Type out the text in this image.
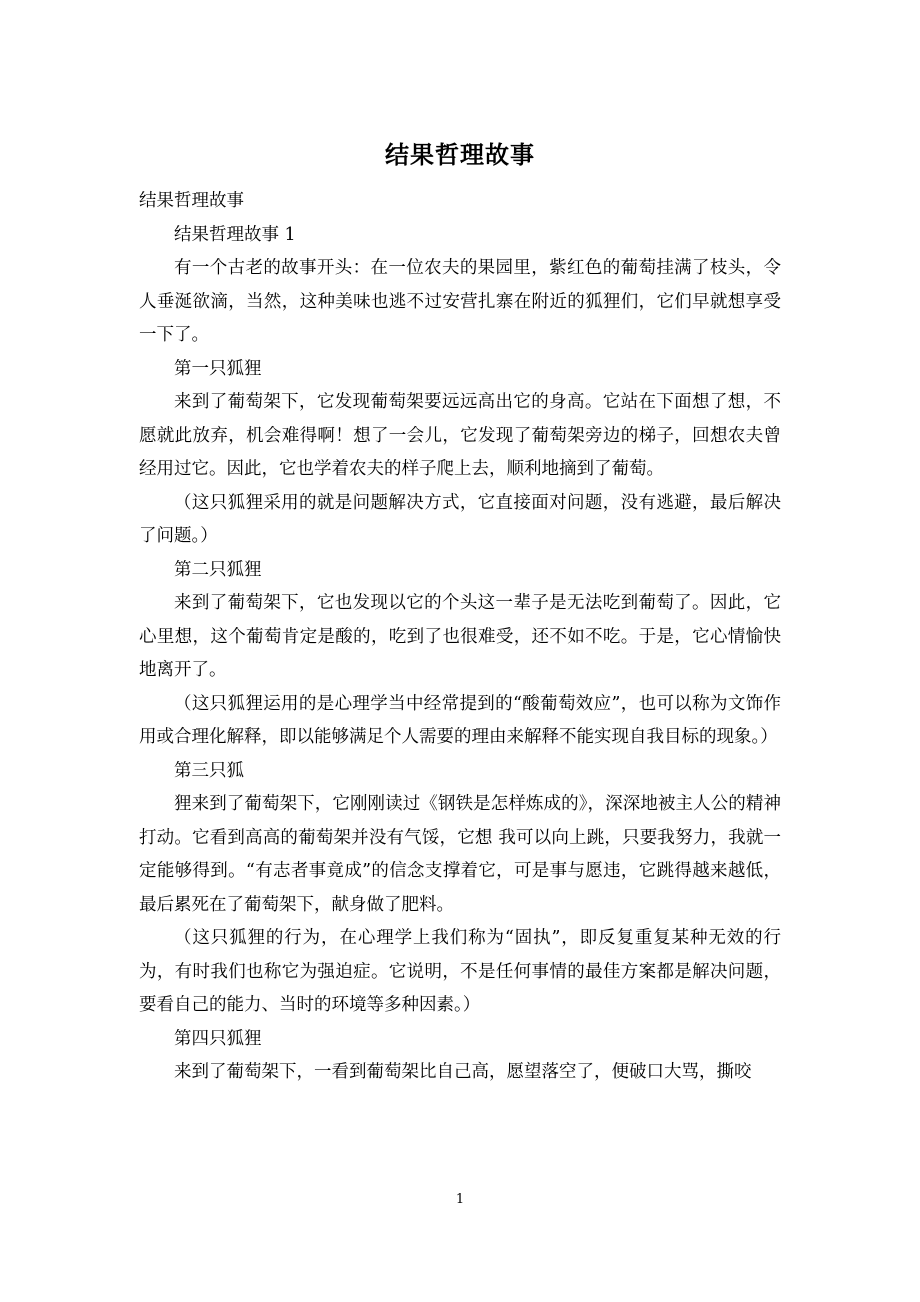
结果哲理故事

结果哲理故事

结果哲理故事 1

有一个古老的故事开头：在一位农夫的果园里，紫红色的葡萄挂满了枝头，令人垂涎欲滴，当然，这种美味也逃不过安营扎寨在附近的狐狸们，它们早就想享受一下了。

第一只狐狸

来到了葡萄架下，它发现葡萄架要远远高出它的身高。它站在下面想了想，不愿就此放弃，机会难得啊！想了一会儿，它发现了葡萄架旁边的梯子，回想农夫曾经用过它。因此，它也学着农夫的样子爬上去，顺利地摘到了葡萄。

（这只狐狸采用的就是问题解决方式，它直接面对问题，没有逃避，最后解决了问题。）

第二只狐狸

来到了葡萄架下，它也发现以它的个头这一辈子是无法吃到葡萄了。因此，它心里想，这个葡萄肯定是酸的，吃到了也很难受，还不如不吃。于是，它心情愉快地离开了。

（这只狐狸运用的是心理学当中经常提到的“酸葡萄效应”，也可以称为文饰作用或合理化解释，即以能够满足个人需要的理由来解释不能实现自我目标的现象。）

第三只狐

狸来到了葡萄架下，它刚刚读过《钢铁是怎样炼成的》，深深地被主人公的精神打动。它看到高高的葡萄架并没有气馁，它想 我可以向上跳，只要我努力，我就一定能够得到。“有志者事竟成”的信念支撑着它，可是事与愿违，它跳得越来越低，最后累死在了葡萄架下，献身做了肥料。

（这只狐狸的行为，在心理学上我们称为“固执”，即反复重复某种无效的行为，有时我们也称它为强迫症。它说明，不是任何事情的最佳方案都是解决问题，要看自己的能力、当时的环境等多种因素。）

第四只狐狸

来到了葡萄架下，一看到葡萄架比自己高，愿望落空了，便破口大骂，撕咬

1
